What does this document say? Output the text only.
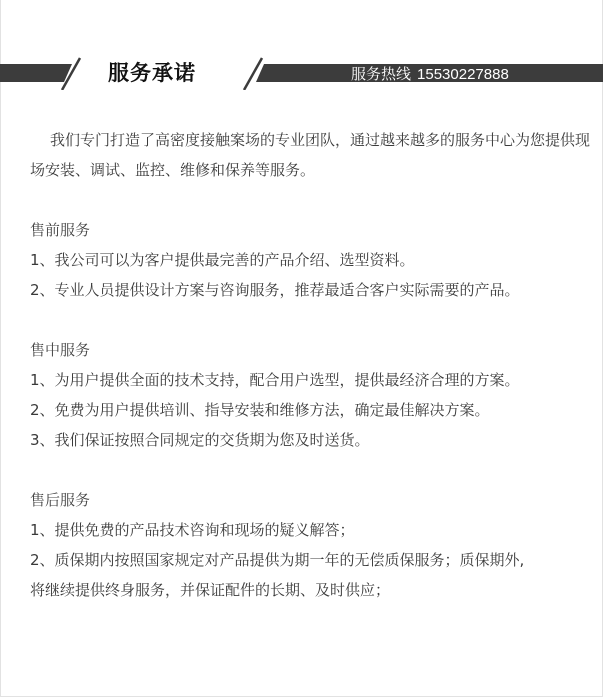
服务承诺	服务热线 15530227888

我们专门打造了高密度接触案场的专业团队，通过越来越多的服务中心为您提供现场安装、调试、监控、维修和保养等服务。

售前服务

1、我公司可以为客户提供最完善的产品介绍、选型资料。

2、专业人员提供设计方案与咨询服务，推荐最适合客户实际需要的产品。

售中服务

1、为用户提供全面的技术支持，配合用户选型，提供最经济合理的方案。

2、免费为用户提供培训、指导安装和维修方法，确定最佳解决方案。

3、我们保证按照合同规定的交货期为您及时送货。

售后服务

1、提供免费的产品技术咨询和现场的疑义解答；

2、质保期内按照国家规定对产品提供为期一年的无偿质保服务；质保期外,

将继续提供终身服务，并保证配件的长期、及时供应；
